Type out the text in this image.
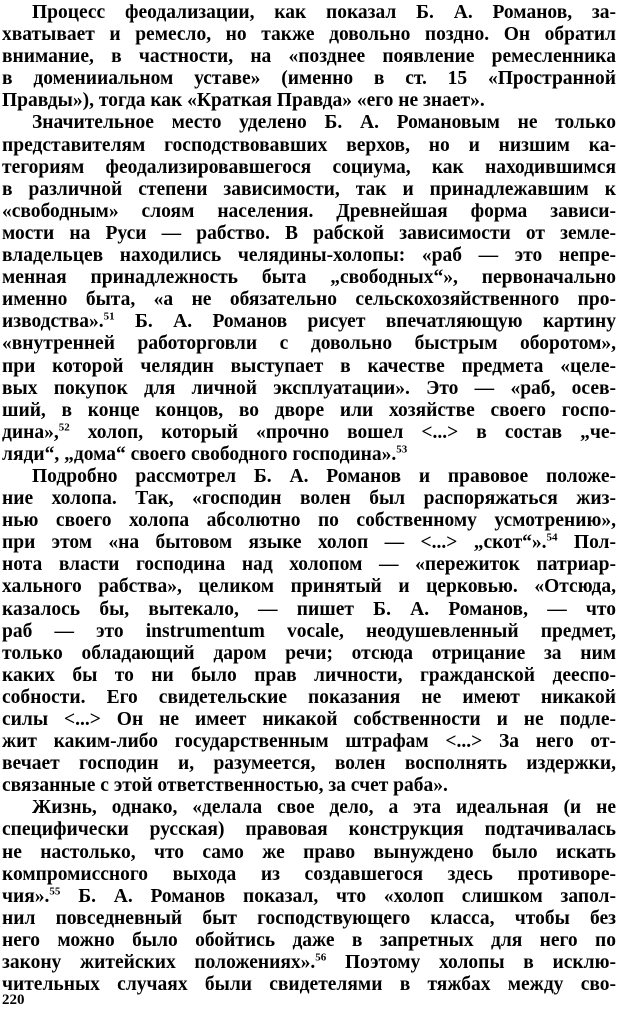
Процесс феодализации, как показал Б. А. Романов, за-
хватывает и ремесло, но также довольно поздно. Он обратил
внимание, в частности, на «позднее появление ремесленника
в доменииальном уставе» (именно в ст. 15 «Пространной
Правды»), тогда как «Краткая Правда» «его не знает».
Значительное место уделено Б. А. Романовым не только
представителям господствовавших верхов, но и низшим ка-
тегориям феодализировавшегося социума, как находившимся
в различной степени зависимости, так и принадлежавшим к
«свободным» слоям населения. Древнейшая форма зависи-
мости на Руси — рабство. В рабской зависимости от земле-
владельцев находились челядины-холопы: «раб — это непре-
менная принадлежность быта „свободных“», первоначально
именно быта, «а не обязательно сельскохозяйственного про-
изводства».$^{51}$ Б. А. Романов рисует впечатляющую картину
«внутренней работорговли с довольно быстрым оборотом»,
при которой челядин выступает в качестве предмета «целе-
вых покупок для личной эксплуатации». Это — «раб, осев-
ший, в конце концов, во дворе или хозяйстве своего госпо-
дина»,$^{52}$ холоп, который «прочно вошел <...> в состав „че-
ляди“, „дома“ своего свободного господина».$^{53}$
Подробно рассмотрел Б. А. Романов и правовое положе-
ние холопа. Так, «господин волен был распоряжаться жиз-
нью своего холопа абсолютно по собственному усмотрению»,
при этом «на бытовом языке холоп — <...> „скот“».$^{54}$ Пол-
нота власти господина над холопом — «пережиток патриар-
хального рабства», целиком принятый и церковью. «Отсюда,
казалось бы, вытекало, — пишет Б. А. Романов, — что
раб — это instrumentum vocale, неодушевленный предмет,
только обладающий даром речи; отсюда отрицание за ним
каких бы то ни было прав личности, гражданской дееспо-
собности. Его свидетельские показания не имеют никакой
силы <...> Он не имеет никакой собственности и не подле-
жит каким-либо государственным штрафам <...> За него от-
вечает господин и, разумеется, волен восполнять издержки,
связанные с этой ответственностью, за счет раба».
Жизнь, однако, «делала свое дело, а эта идеальная (и не
специфически русская) правовая конструкция подтачивалась
не настолько, что само же право вынуждено было искать
компромиссного выхода из создавшегося здесь противоре-
чия».$^{55}$ Б. А. Романов показал, что «холоп слишком запол-
нил повседневный быт господствующего класса, чтобы без
него можно было обойтись даже в запретных для него по
закону житейских положениях».$^{56}$ Поэтому холопы в исклю-
чительных случаях были свидетелями в тяжбах между сво-
220
